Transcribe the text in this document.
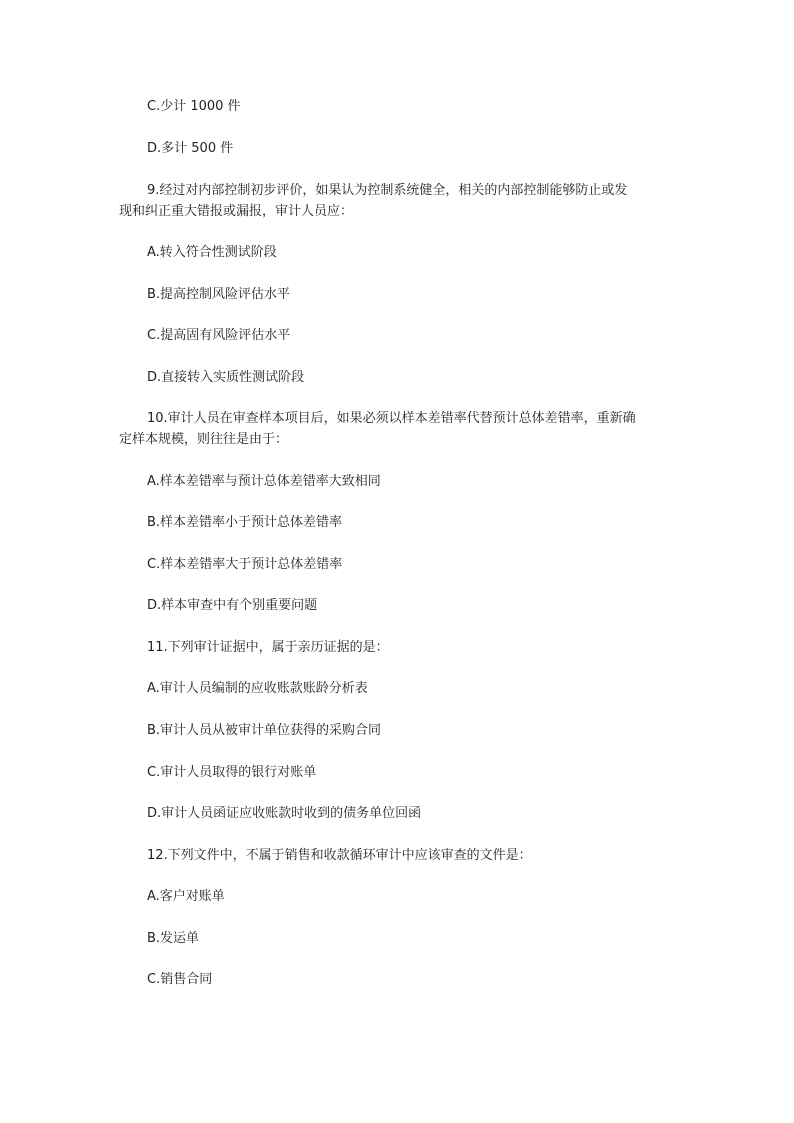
C.少计 1000 件
D.多计 500 件
9.经过对内部控制初步评价，如果认为控制系统健全，相关的内部控制能够防止或发
现和纠正重大错报或漏报，审计人员应：
A.转入符合性测试阶段
B.提高控制风险评估水平
C.提高固有风险评估水平
D.直接转入实质性测试阶段
10.审计人员在审查样本项目后，如果必须以样本差错率代替预计总体差错率，重新确
定样本规模，则往往是由于：
A.样本差错率与预计总体差错率大致相同
B.样本差错率小于预计总体差错率
C.样本差错率大于预计总体差错率
D.样本审查中有个别重要问题
11.下列审计证据中，属于亲历证据的是：
A.审计人员编制的应收账款账龄分析表
B.审计人员从被审计单位获得的采购合同
C.审计人员取得的银行对账单
D.审计人员函证应收账款时收到的债务单位回函
12.下列文件中，不属于销售和收款循环审计中应该审查的文件是：
A.客户对账单
B.发运单
C.销售合同
